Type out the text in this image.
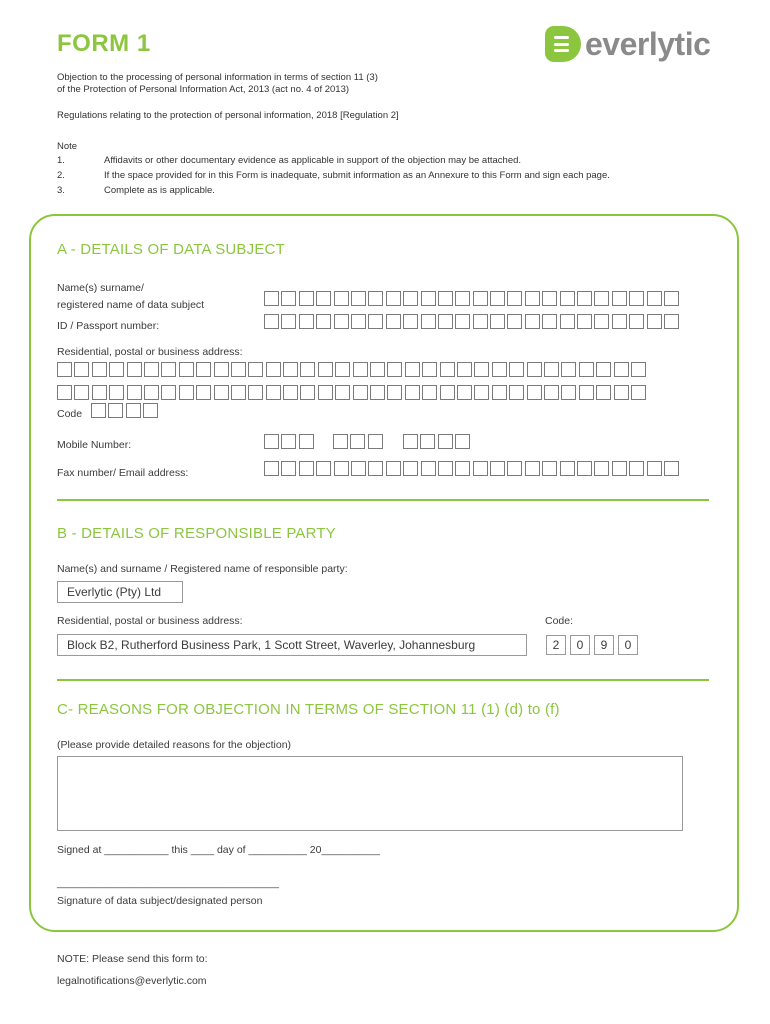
FORM 1	everlytic
Objection to the processing of personal information in terms of section 11 (3)
of the Protection of Personal Information Act, 2013 (act no. 4 of 2013)
Regulations relating to the protection of personal information, 2018 [Regulation 2]
Note
1.	Affidavits or other documentary evidence as applicable in support of the objection may be attached.
2.	If the space provided for in this Form is inadequate, submit information as an Annexure to this Form and sign each page.
3.	Complete as is applicable.
A - DETAILS OF DATA SUBJECT
Name(s) surname/
registered name of data subject
ID / Passport number:
Residential, postal or business address:
Code
Mobile Number:
Fax number/ Email address:
B - DETAILS OF RESPONSIBLE PARTY
Name(s) and surname / Registered name of responsible party:
Everlytic (Pty) Ltd
Residential, postal or business address:	Code:
Block B2, Rutherford Business Park, 1 Scott Street, Waverley, Johannesburg	2	0	9	0
C- REASONS FOR OBJECTION IN TERMS OF SECTION 11 (1) (d) to (f)
(Please provide detailed reasons for the objection)
Signed at ___________ this ____ day of __________ 20__________
______________________________________
Signature of data subject/designated person
NOTE: Please send this form to:
legalnotifications@everlytic.com
